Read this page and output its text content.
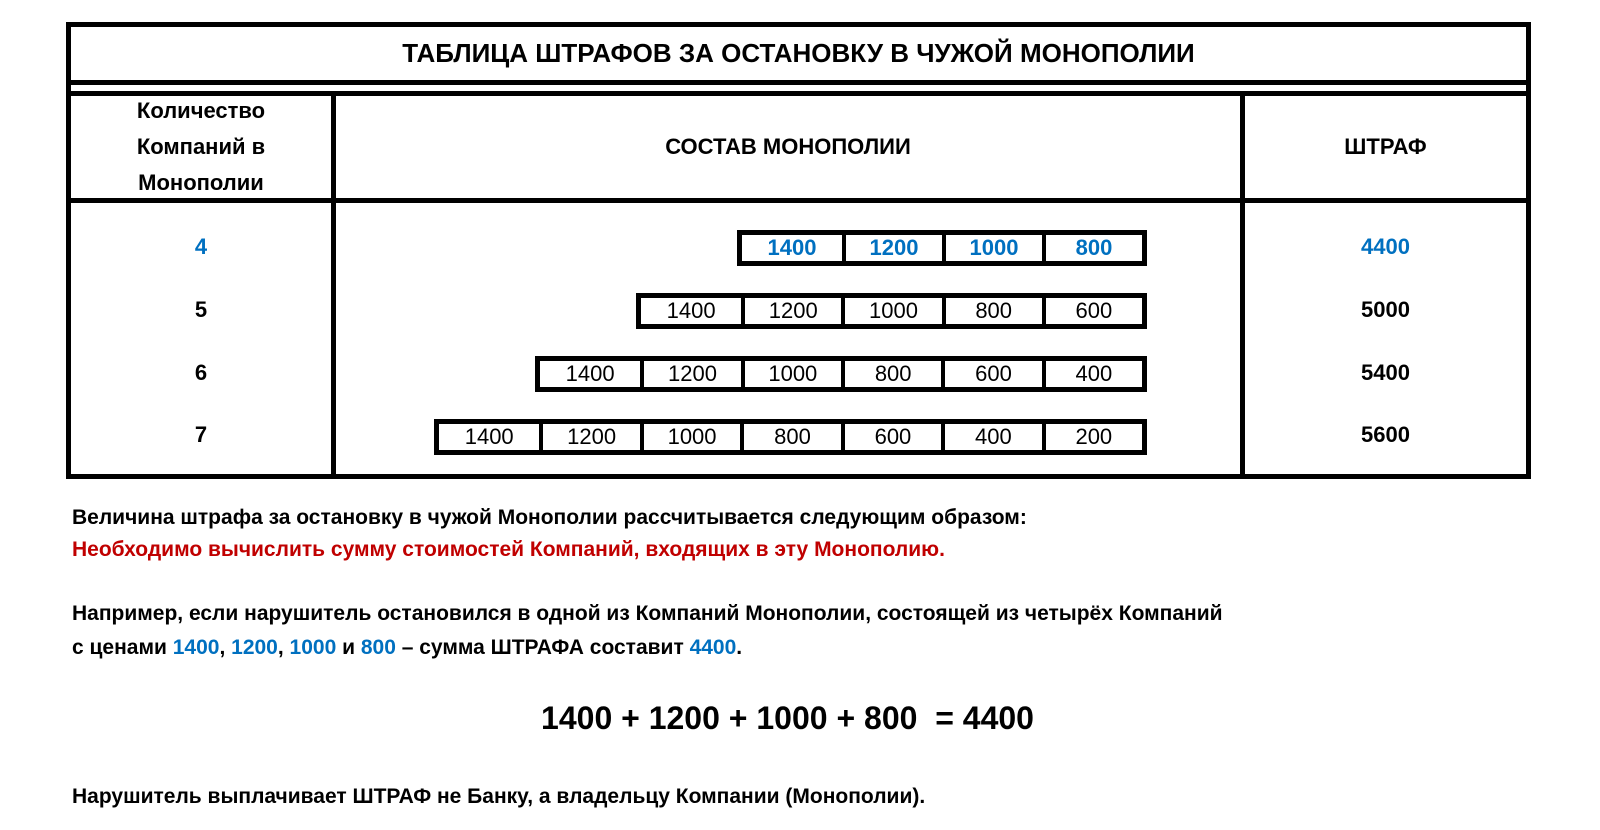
ТАБЛИЦА ШТРАФОВ ЗА ОСТАНОВКУ В ЧУЖОЙ МОНОПОЛИИ
Количество
Компаний в
Монополии
СОСТАВ МОНОПОЛИИ	ШТРАФ
4	1400	1200	1000	800	4400
5	1400	1200	1000	800	600	5000
6	1400	1200	1000	800	600	400	5400
7	1400	1200	1000	800	600	400	200	5600
Величина штрафа за остановку в чужой Монополии рассчитывается следующим образом:
Необходимо вычислить сумму стоимостей Компаний, входящих в эту Монополию.
Например, если нарушитель остановился в одной из Компаний Монополии, состоящей из четырёх Компаний
с ценами 1400, 1200, 1000 и 800 – сумма ШТРАФА составит 4400.
1400 + 1200 + 1000 + 800  = 4400
Нарушитель выплачивает ШТРАФ не Банку, а владельцу Компании (Монополии).
